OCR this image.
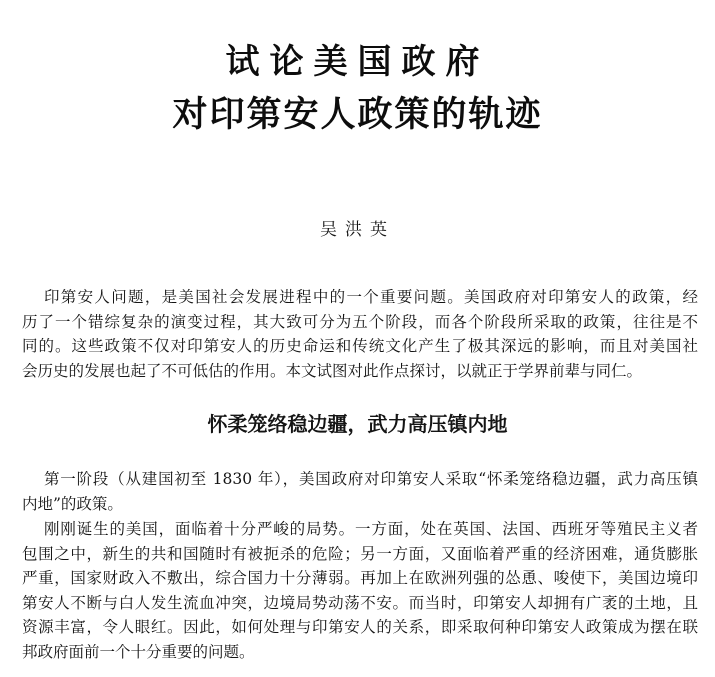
试论美国政府
对印第安人政策的轨迹
吴洪英
印第安人问题，是美国社会发展进程中的一个重要问题。美国政府对印第安人的政策，经
历了一个错综复杂的演变过程，其大致可分为五个阶段，而各个阶段所采取的政策，往往是不
同的。这些政策不仅对印第安人的历史命运和传统文化产生了极其深远的影响，而且对美国社
会历史的发展也起了不可低估的作用。本文试图对此作点探讨，以就正于学界前辈与同仁。
怀柔笼络稳边疆，武力高压镇内地
第一阶段（从建国初至 1830 年），美国政府对印第安人采取“怀柔笼络稳边疆，武力高压镇
内地”的政策。
刚刚诞生的美国，面临着十分严峻的局势。一方面，处在英国、法国、西班牙等殖民主义者
包围之中，新生的共和国随时有被扼杀的危险；另一方面，又面临着严重的经济困难，通货膨胀
严重，国家财政入不敷出，综合国力十分薄弱。再加上在欧洲列强的怂恿、唆使下，美国边境印
第安人不断与白人发生流血冲突，边境局势动荡不安。而当时，印第安人却拥有广袤的土地，且
资源丰富，令人眼红。因此，如何处理与印第安人的关系，即采取何种印第安人政策成为摆在联
邦政府面前一个十分重要的问题。
